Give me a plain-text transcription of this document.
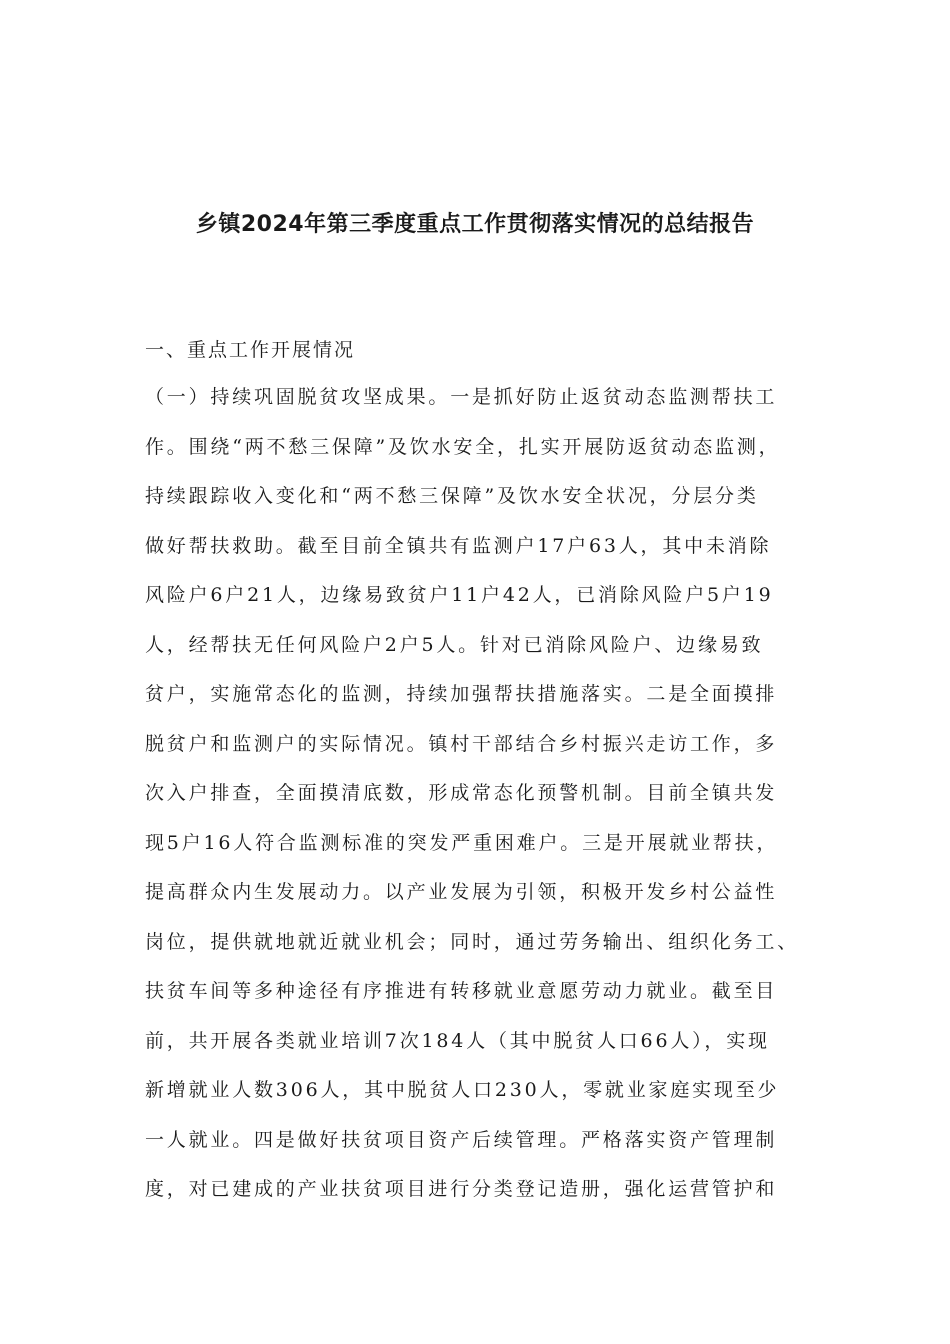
乡镇2024年第三季度重点工作贯彻落实情况的总结报告

一、重点工作开展情况

（一）持续巩固脱贫攻坚成果。一是抓好防止返贫动态监测帮扶工
作。围绕“两不愁三保障”及饮水安全，扎实开展防返贫动态监测，
持续跟踪收入变化和“两不愁三保障”及饮水安全状况，分层分类
做好帮扶救助。截至目前全镇共有监测户17户63人，其中未消除
风险户6户21人，边缘易致贫户11户42人，已消除风险户5户19
人，经帮扶无任何风险户2户5人。针对已消除风险户、边缘易致
贫户，实施常态化的监测，持续加强帮扶措施落实。二是全面摸排
脱贫户和监测户的实际情况。镇村干部结合乡村振兴走访工作，多
次入户排查，全面摸清底数，形成常态化预警机制。目前全镇共发
现5户16人符合监测标准的突发严重困难户。三是开展就业帮扶，
提高群众内生发展动力。以产业发展为引领，积极开发乡村公益性
岗位，提供就地就近就业机会；同时，通过劳务输出、组织化务工、
扶贫车间等多种途径有序推进有转移就业意愿劳动力就业。截至目
前，共开展各类就业培训7次184人（其中脱贫人口66人），实现
新增就业人数306人，其中脱贫人口230人，零就业家庭实现至少
一人就业。四是做好扶贫项目资产后续管理。严格落实资产管理制
度，对已建成的产业扶贫项目进行分类登记造册，强化运营管护和
